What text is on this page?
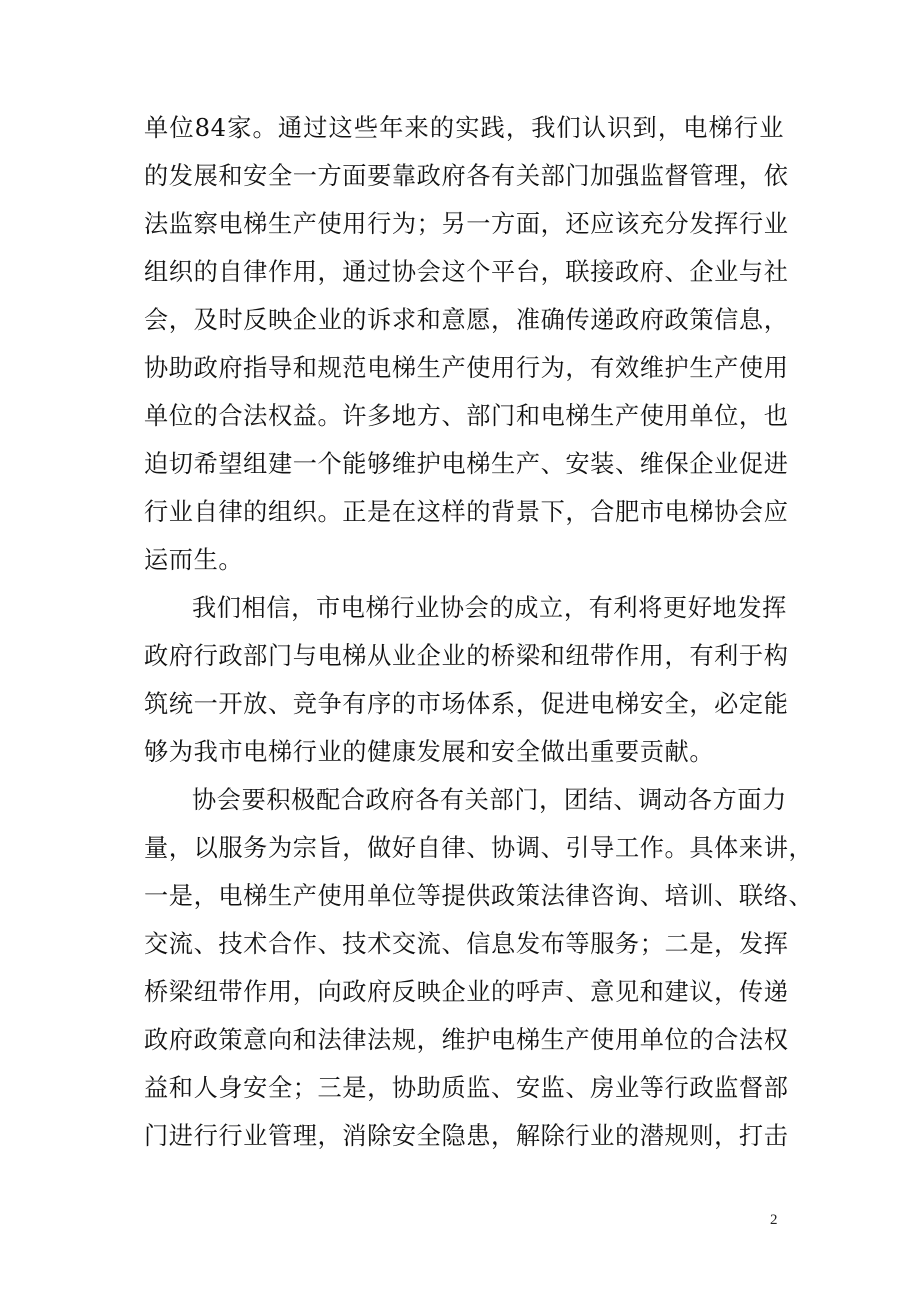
单位84家。通过这些年来的实践，我们认识到，电梯行业
的发展和安全一方面要靠政府各有关部门加强监督管理，依
法监察电梯生产使用行为；另一方面，还应该充分发挥行业
组织的自律作用，通过协会这个平台，联接政府、企业与社
会，及时反映企业的诉求和意愿，准确传递政府政策信息，
协助政府指导和规范电梯生产使用行为，有效维护生产使用
单位的合法权益。许多地方、部门和电梯生产使用单位，也
迫切希望组建一个能够维护电梯生产、安装、维保企业促进
行业自律的组织。正是在这样的背景下，合肥市电梯协会应
运而生。
我们相信，市电梯行业协会的成立，有利将更好地发挥
政府行政部门与电梯从业企业的桥梁和纽带作用，有利于构
筑统一开放、竞争有序的市场体系，促进电梯安全，必定能
够为我市电梯行业的健康发展和安全做出重要贡献。
协会要积极配合政府各有关部门，团结、调动各方面力
量，以服务为宗旨，做好自律、协调、引导工作。具体来讲，
一是，电梯生产使用单位等提供政策法律咨询、培训、联络、
交流、技术合作、技术交流、信息发布等服务；二是，发挥
桥梁纽带作用，向政府反映企业的呼声、意见和建议，传递
政府政策意向和法律法规，维护电梯生产使用单位的合法权
益和人身安全；三是，协助质监、安监、房业等行政监督部
门进行行业管理，消除安全隐患，解除行业的潜规则，打击
2
